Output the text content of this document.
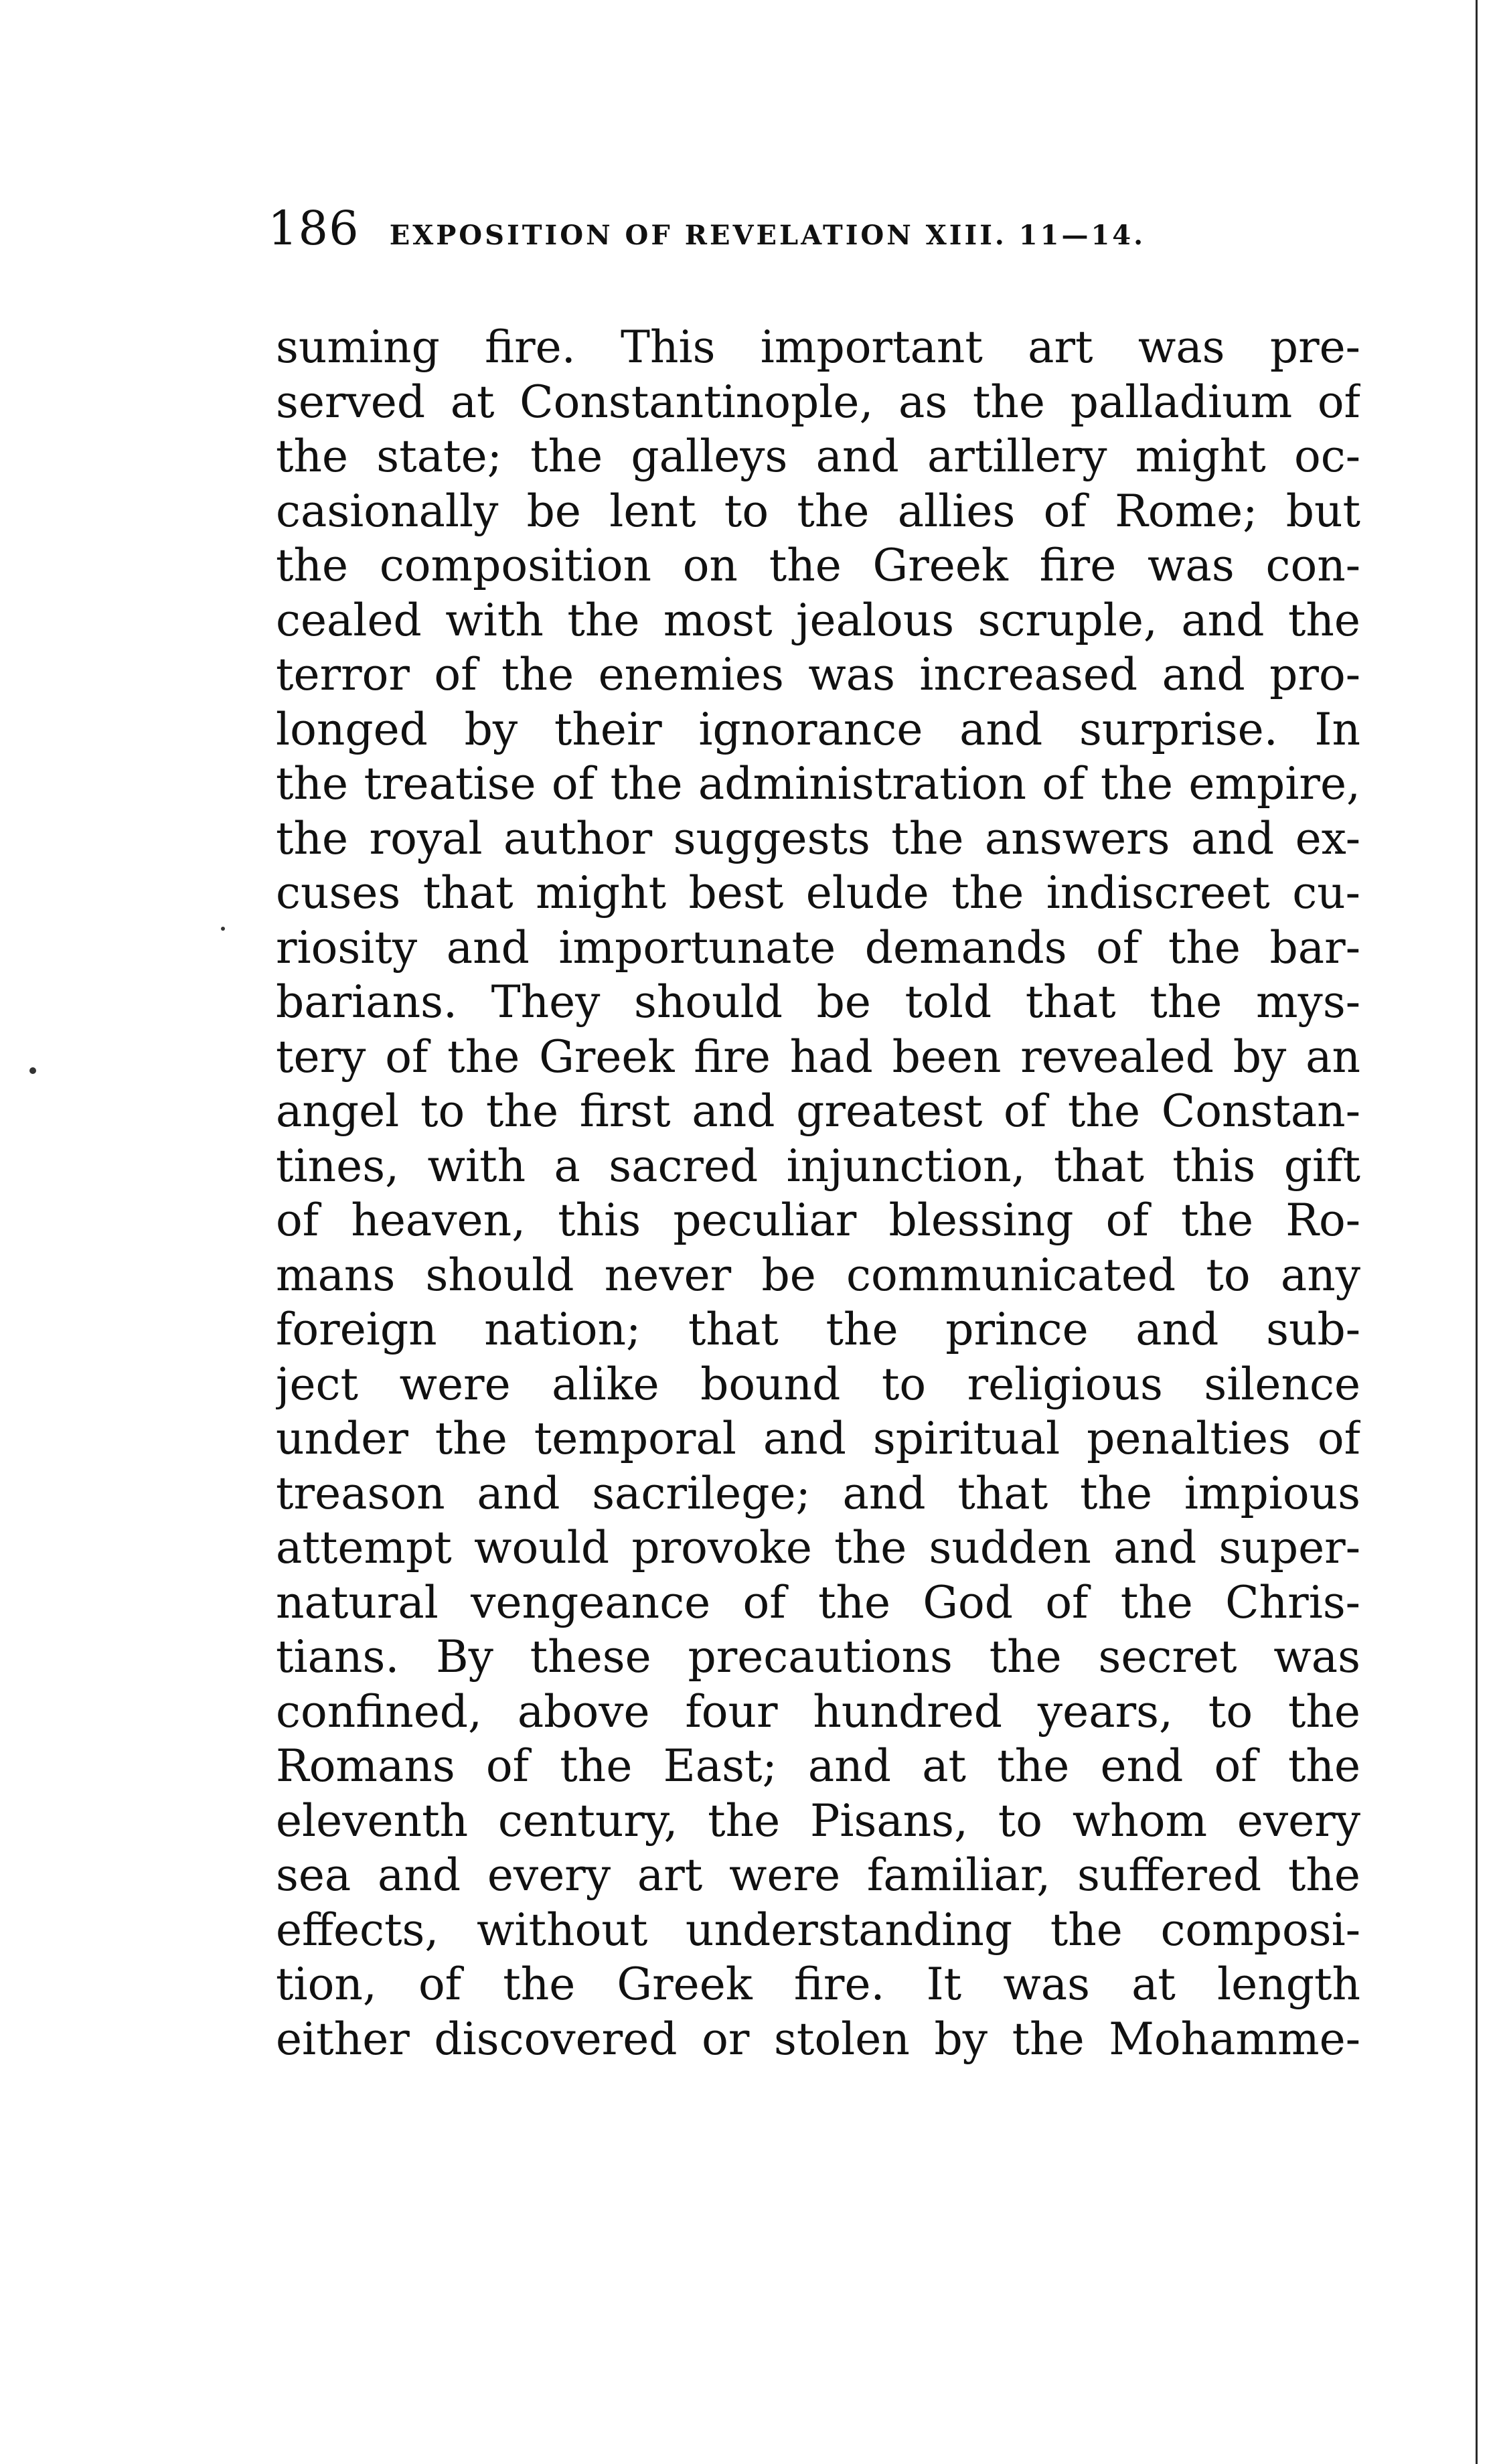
186 EXPOSITION OF REVELATION XIII. 11—14.
suming fire. This important art was pre-
served at Constantinople, as the palladium of
the state; the galleys and artillery might oc-
casionally be lent to the allies of Rome; but
the composition on the Greek fire was con-
cealed with the most jealous scruple, and the
terror of the enemies was increased and pro-
longed by their ignorance and surprise. In
the treatise of the administration of the empire,
the royal author suggests the answers and ex-
cuses that might best elude the indiscreet cu-
riosity and importunate demands of the bar-
barians. They should be told that the mys-
tery of the Greek fire had been revealed by an
angel to the first and greatest of the Constan-
tines, with a sacred injunction, that this gift
of heaven, this peculiar blessing of the Ro-
mans should never be communicated to any
foreign nation; that the prince and sub-
ject were alike bound to religious silence
under the temporal and spiritual penalties of
treason and sacrilege; and that the impious
attempt would provoke the sudden and super-
natural vengeance of the God of the Chris-
tians. By these precautions the secret was
confined, above four hundred years, to the
Romans of the East; and at the end of the
eleventh century, the Pisans, to whom every
sea and every art were familiar, suffered the
effects, without understanding the composi-
tion, of the Greek fire. It was at length
either discovered or stolen by the Mohamme-
